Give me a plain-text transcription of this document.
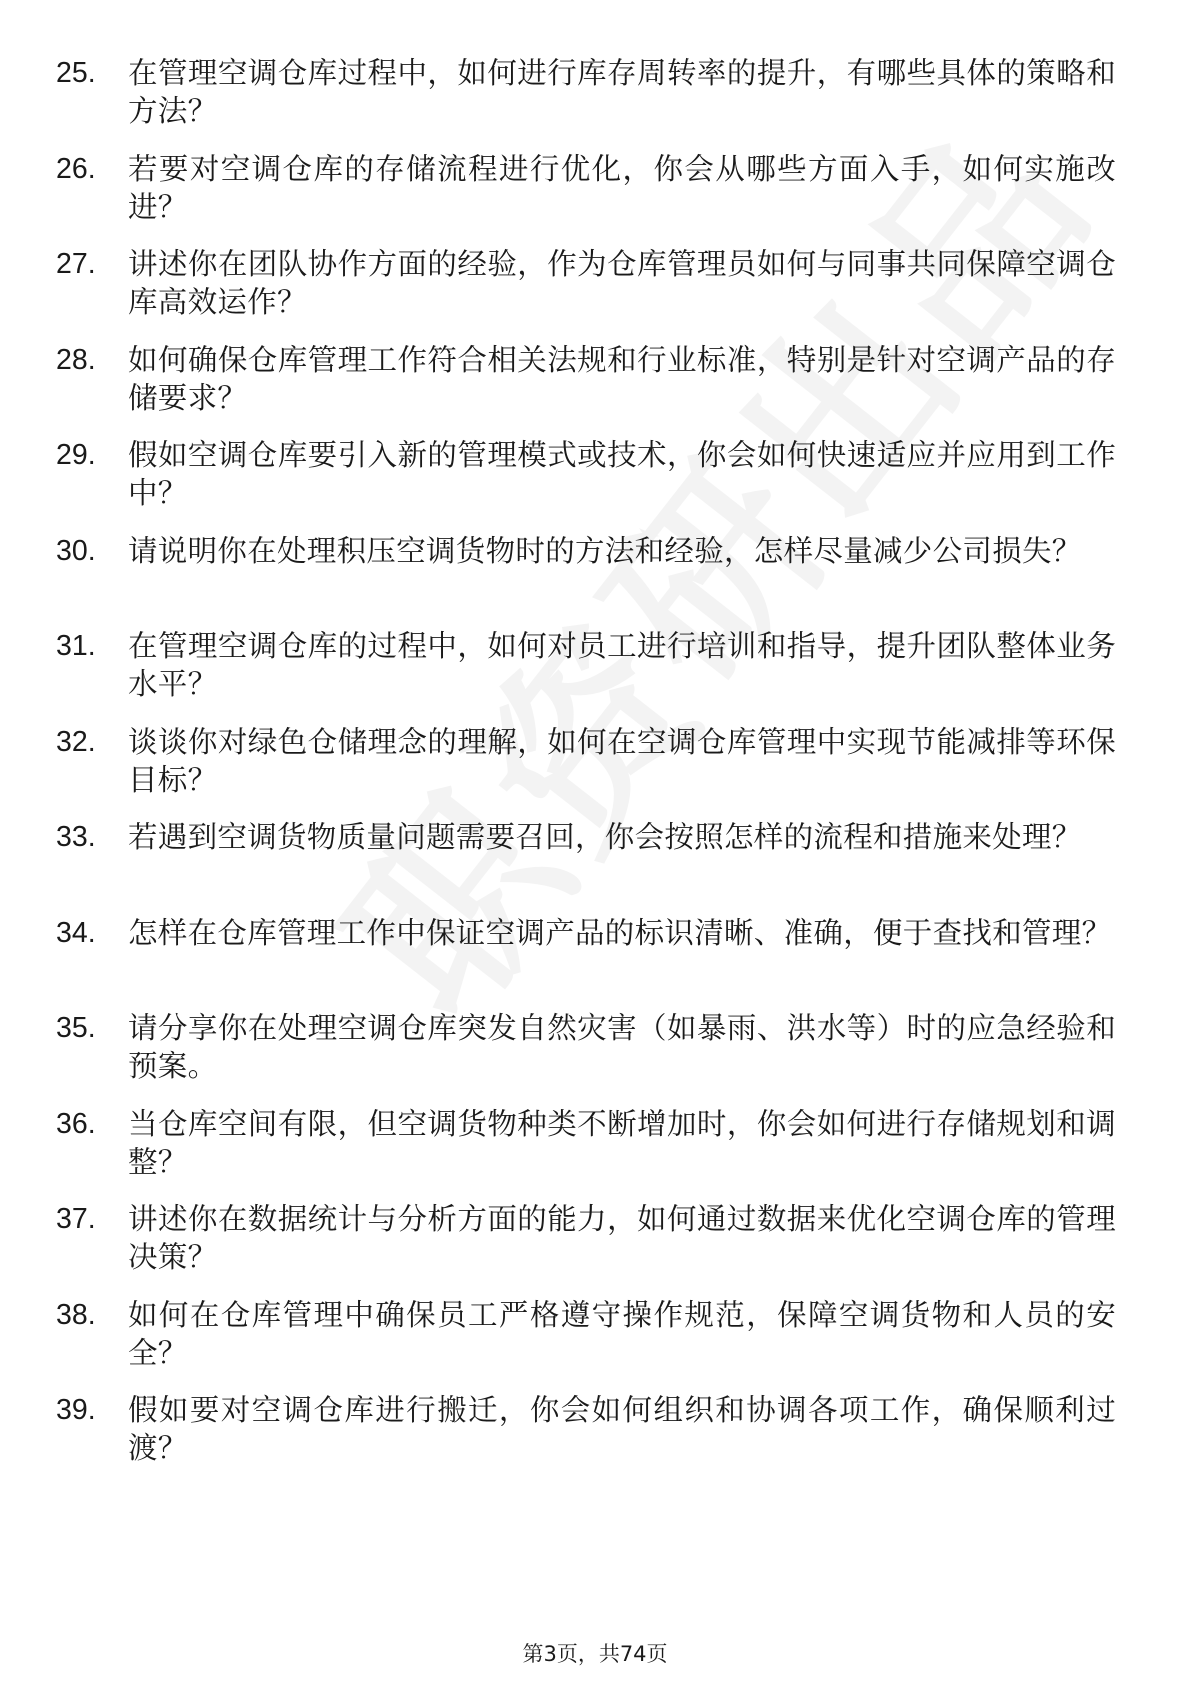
25.	在管理空调仓库过程中，如何进行库存周转率的提升，有哪些具体的策略和方法？
26.	若要对空调仓库的存储流程进行优化，你会从哪些方面入手，如何实施改进？
27.	讲述你在团队协作方面的经验，作为仓库管理员如何与同事共同保障空调仓库高效运作？
28.	如何确保仓库管理工作符合相关法规和行业标准，特别是针对空调产品的存储要求？
29.	假如空调仓库要引入新的管理模式或技术，你会如何快速适应并应用到工作中？
30.	请说明你在处理积压空调货物时的方法和经验，怎样尽量减少公司损失？
31.	在管理空调仓库的过程中，如何对员工进行培训和指导，提升团队整体业务水平？
32.	谈谈你对绿色仓储理念的理解，如何在空调仓库管理中实现节能减排等环保目标？
33.	若遇到空调货物质量问题需要召回，你会按照怎样的流程和措施来处理？
34.	怎样在仓库管理工作中保证空调产品的标识清晰、准确，便于查找和管理？
35.	请分享你在处理空调仓库突发自然灾害（如暴雨、洪水等）时的应急经验和预案。
36.	当仓库空间有限，但空调货物种类不断增加时，你会如何进行存储规划和调整？
37.	讲述你在数据统计与分析方面的能力，如何通过数据来优化空调仓库的管理决策？
38.	如何在仓库管理中确保员工严格遵守操作规范，保障空调货物和人员的安全？
39.	假如要对空调仓库进行搬迁，你会如何组织和协调各项工作，确保顺利过渡？
第3页，共74页
